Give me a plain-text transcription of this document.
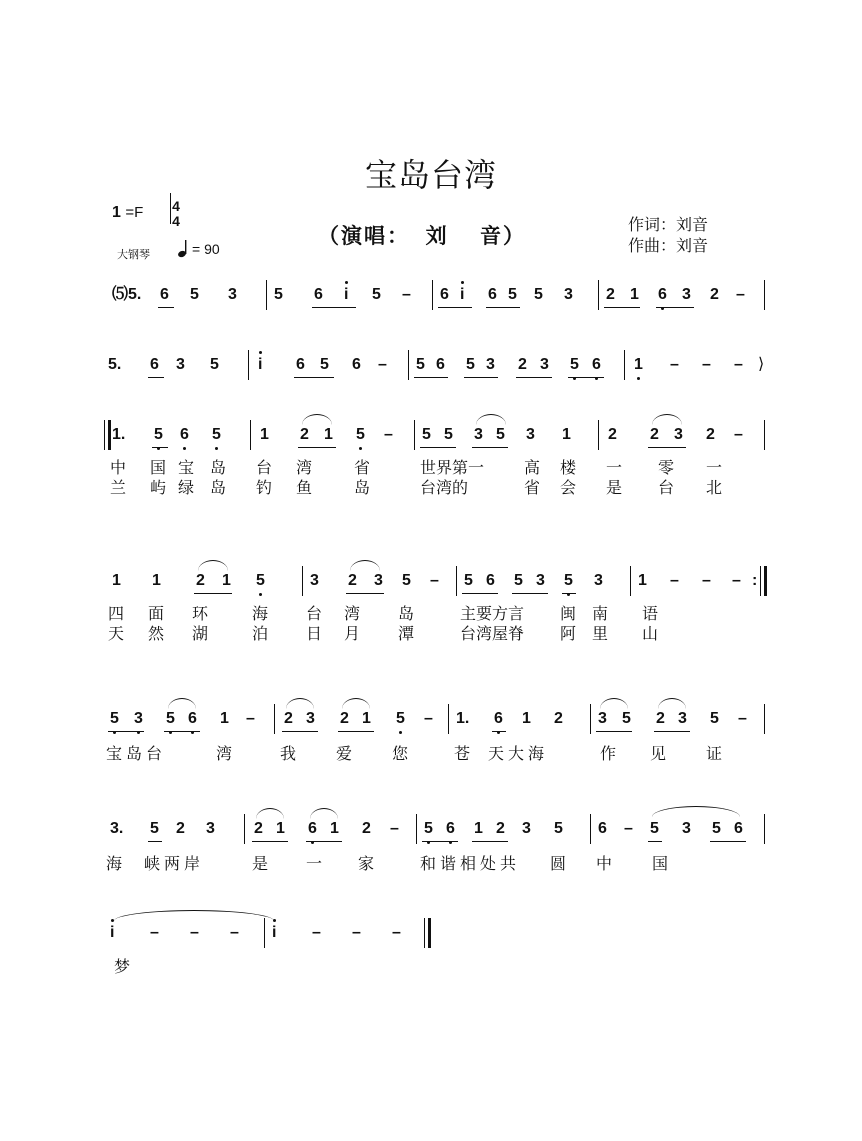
宝岛台湾
1 =F 4
4
大钢琴	= 90
（演唱：  刘    音）
作词：刘音
作曲：刘音
⑸5. 6 5 3 5 6 i 5 – 6 i 6 5 5 3 2 1 6 3 2 –
5. 6 3 5 i 6 5 6 – 5 6 5 3 2 3 5 6 1 – – – ⟩
1. 5 6 5 1 2 1 5 – 5 5 3 5 3 1 2 2 3 2 –
中 国 宝 岛 台 湾	省	世界第一 高 楼 一 零 一
兰 屿 绿 岛 钓 鱼	岛	台湾的	省 会 是 台 北
1 1 2 1 5	3 2 3 5 – 5 6 5 3 5 3 1 – – – :
四 面 环	海 台 湾 岛	主要方言 闽 南 语
天 然 湖	泊 日 月 潭	台湾屋脊 阿 里 山
5 3 5 6 1 – 2 3 2 1 5 – 1. 6 1 2 3 5 2 3 5 –
宝岛台	湾	我 爱 您	苍 天大海	作 见 证
3. 5 2 3 2 1 6 1 2 – 5 6 1 2 3 5 6 – 5 3 5 6
海 峡两岸	是 一 家	和谐相处共 圆 中 国
i – – – i – – –
梦
